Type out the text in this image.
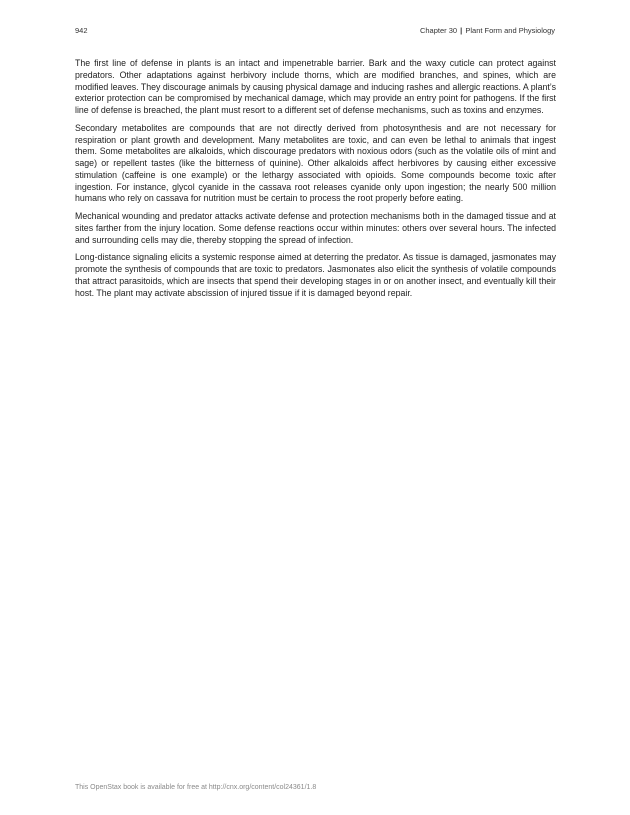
942	Chapter 30 | Plant Form and Physiology

The first line of defense in plants is an intact and impenetrable barrier. Bark and the waxy cuticle can protect against predators. Other adaptations against herbivory include thorns, which are modified branches, and spines, which are modified leaves. They discourage animals by causing physical damage and inducing rashes and allergic reactions. A plant’s exterior protection can be compromised by mechanical damage, which may provide an entry point for pathogens. If the first line of defense is breached, the plant must resort to a different set of defense mechanisms, such as toxins and enzymes.

Secondary metabolites are compounds that are not directly derived from photosynthesis and are not necessary for respiration or plant growth and development. Many metabolites are toxic, and can even be lethal to animals that ingest them. Some metabolites are alkaloids, which discourage predators with noxious odors (such as the volatile oils of mint and sage) or repellent tastes (like the bitterness of quinine). Other alkaloids affect herbivores by causing either excessive stimulation (caffeine is one example) or the lethargy associated with opioids. Some compounds become toxic after ingestion. For instance, glycol cyanide in the cassava root releases cyanide only upon ingestion; the nearly 500 million humans who rely on cassava for nutrition must be certain to process the root properly before eating.

Mechanical wounding and predator attacks activate defense and protection mechanisms both in the damaged tissue and at sites farther from the injury location. Some defense reactions occur within minutes: others over several hours. The infected and surrounding cells may die, thereby stopping the spread of infection.

Long-distance signaling elicits a systemic response aimed at deterring the predator. As tissue is damaged, jasmonates may promote the synthesis of compounds that are toxic to predators. Jasmonates also elicit the synthesis of volatile compounds that attract parasitoids, which are insects that spend their developing stages in or on another insect, and eventually kill their host. The plant may activate abscission of injured tissue if it is damaged beyond repair.

This OpenStax book is available for free at http://cnx.org/content/col24361/1.8
